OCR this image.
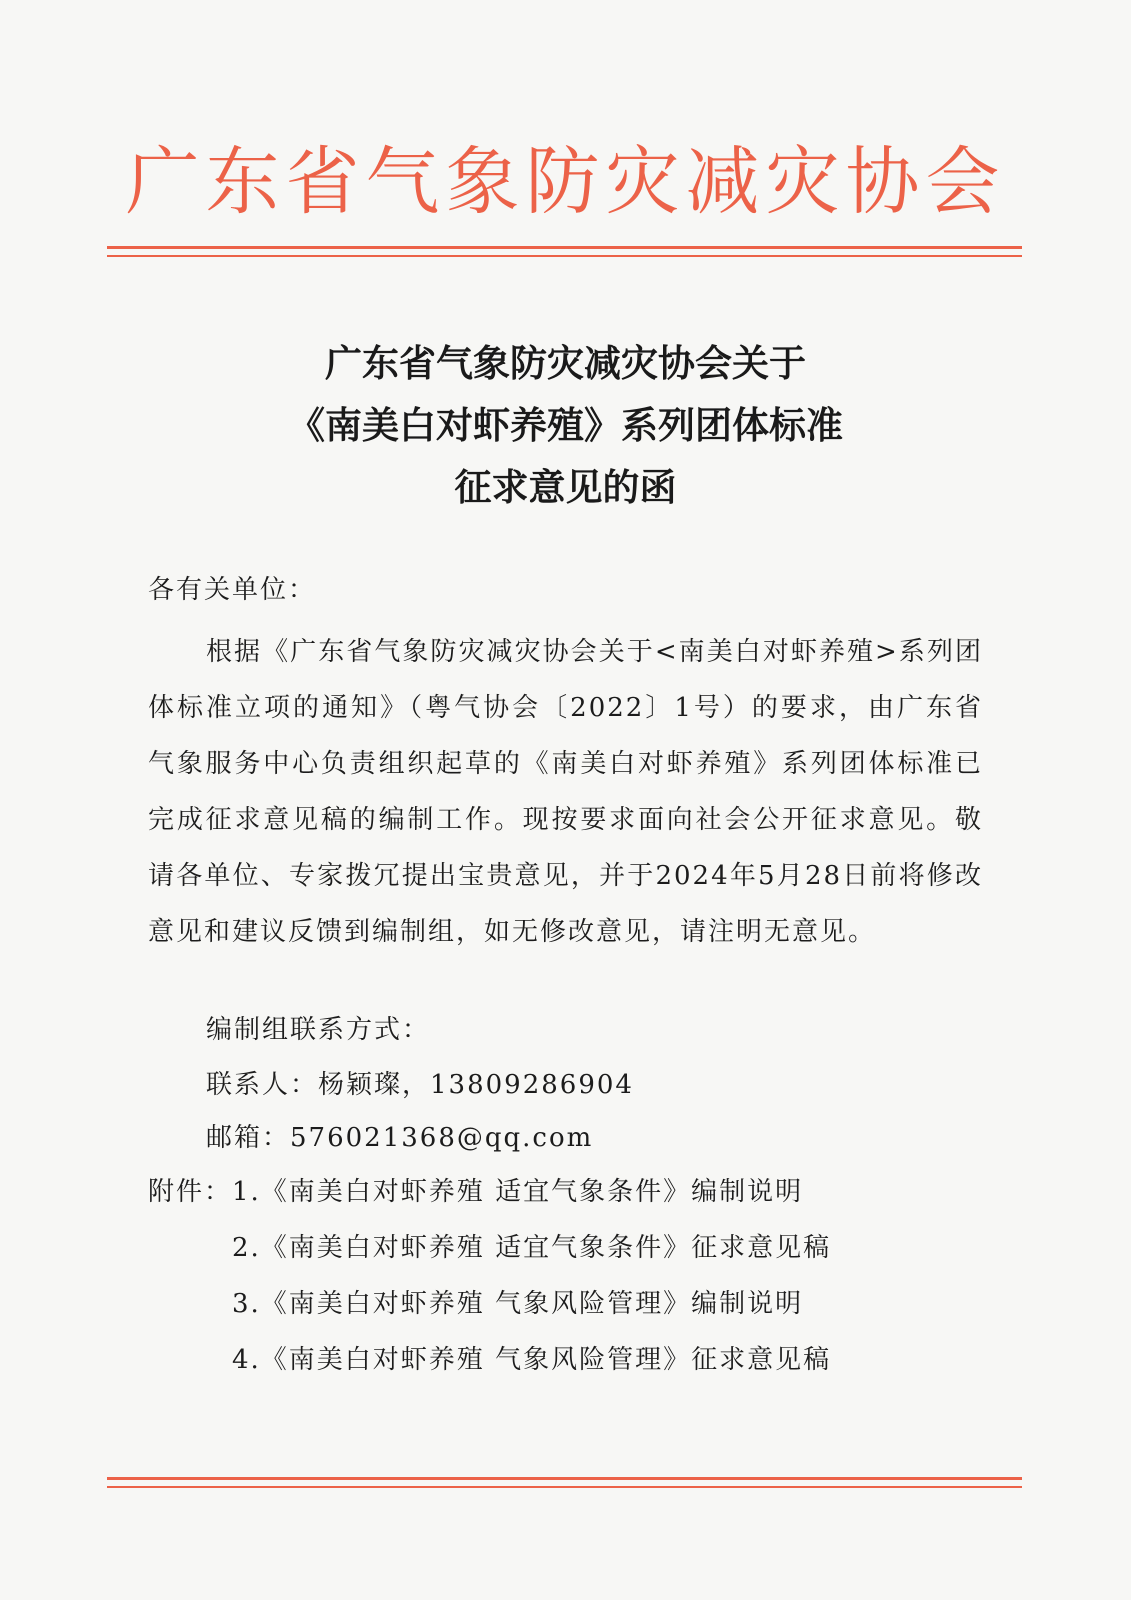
广东省气象防灾减灾协会
广东省气象防灾减灾协会关于
《南美白对虾养殖》系列团体标准
征求意见的函
各有关单位：

根据《广东省气象防灾减灾协会关于<南美白对虾养殖>系列团体标准立项的通知》（粤气协会〔2022〕1号）的要求，由广东省气象服务中心负责组织起草的《南美白对虾养殖》系列团体标准已完成征求意见稿的编制工作。现按要求面向社会公开征求意见。敬请各单位、专家拨冗提出宝贵意见，并于2024年5月28日前将修改意见和建议反馈到编制组，如无修改意见，请注明无意见。

编制组联系方式：
联系人：杨颖璨，13809286904
邮箱：576021368@qq.com
附件： 1.《南美白对虾养殖 适宜气象条件》编制说明
2.《南美白对虾养殖 适宜气象条件》征求意见稿
3.《南美白对虾养殖 气象风险管理》编制说明
4.《南美白对虾养殖 气象风险管理》征求意见稿
